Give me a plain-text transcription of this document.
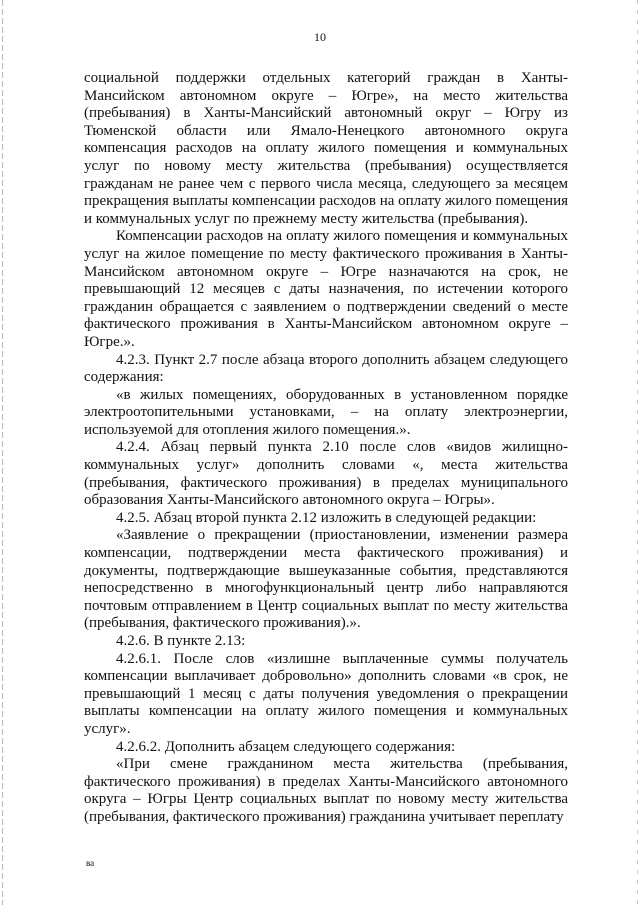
10

социальной поддержки отдельных категорий граждан в Ханты-Мансийском автономном округе – Югре», на место жительства (пребывания) в Ханты-Мансийский автономный округ – Югру из Тюменской области или Ямало-Ненецкого автономного округа компенсация расходов на оплату жилого помещения и коммунальных услуг по новому месту жительства (пребывания) осуществляется гражданам не ранее чем с первого числа месяца, следующего за месяцем прекращения выплаты компенсации расходов на оплату жилого помещения и коммунальных услуг по прежнему месту жительства (пребывания).

Компенсации расходов на оплату жилого помещения и коммунальных услуг на жилое помещение по месту фактического проживания в Ханты-Мансийском автономном округе – Югре назначаются на срок, не превышающий 12 месяцев с даты назначения, по истечении которого гражданин обращается с заявлением о подтверждении сведений о месте фактического проживания в Ханты-Мансийском автономном округе – Югре.».

4.2.3. Пункт 2.7 после абзаца второго дополнить абзацем следующего содержания:

«в жилых помещениях, оборудованных в установленном порядке электроотопительными установками, – на оплату электроэнергии, используемой для отопления жилого помещения.».

4.2.4. Абзац первый пункта 2.10 после слов «видов жилищно-коммунальных услуг» дополнить словами «, места жительства (пребывания, фактического проживания) в пределах муниципального образования Ханты-Мансийского автономного округа – Югры».

4.2.5. Абзац второй пункта 2.12 изложить в следующей редакции:

«Заявление о прекращении (приостановлении, изменении размера компенсации, подтверждении места фактического проживания) и документы, подтверждающие вышеуказанные события, представляются непосредственно в многофункциональный центр либо направляются почтовым отправлением в Центр социальных выплат по месту жительства (пребывания, фактического проживания).».

4.2.6. В пункте 2.13:

4.2.6.1. После слов «излишне выплаченные суммы получатель компенсации выплачивает добровольно» дополнить словами «в срок, не превышающий 1 месяц с даты получения уведомления о прекращении выплаты компенсации на оплату жилого помещения и коммунальных услуг».

4.2.6.2. Дополнить абзацем следующего содержания:

«При смене гражданином места жительства (пребывания, фактического проживания) в пределах Ханты-Мансийского автономного округа – Югры Центр социальных выплат по новому месту жительства (пребывания, фактического проживания) гражданина учитывает переплату

ва
